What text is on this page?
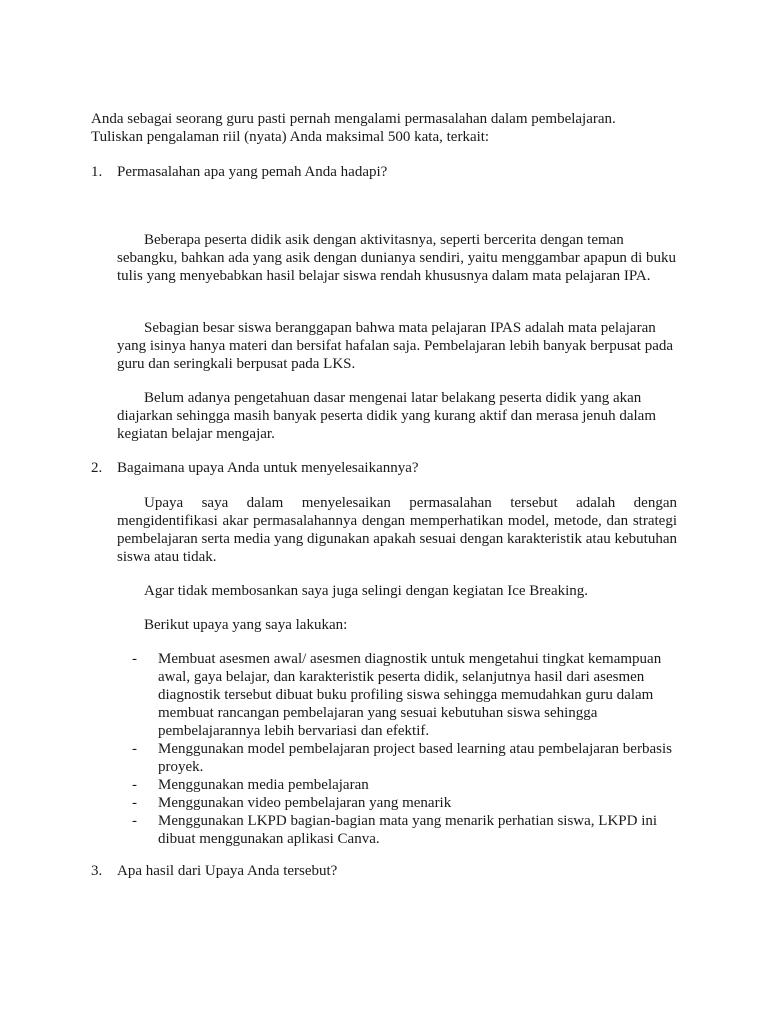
Anda sebagai seorang guru pasti pernah mengalami permasalahan dalam pembelajaran.
Tuliskan pengalaman riil (nyata) Anda maksimal 500 kata, terkait:

1. Permasalahan apa yang pemah Anda hadapi?

Beberapa peserta didik asik dengan aktivitasnya, seperti bercerita dengan teman sebangku, bahkan ada yang asik dengan dunianya sendiri, yaitu menggambar apapun di buku tulis yang menyebabkan hasil belajar siswa rendah khususnya dalam mata pelajaran IPA.

Sebagian besar siswa beranggapan bahwa mata pelajaran IPAS adalah mata pelajaran yang isinya hanya materi dan bersifat hafalan saja. Pembelajaran lebih banyak berpusat pada guru dan seringkali berpusat pada LKS.

Belum adanya pengetahuan dasar mengenai latar belakang peserta didik yang akan diajarkan sehingga masih banyak peserta didik yang kurang aktif dan merasa jenuh dalam kegiatan belajar mengajar.

2. Bagaimana upaya Anda untuk menyelesaikannya?

Upaya saya dalam menyelesaikan permasalahan tersebut adalah dengan mengidentifikasi akar permasalahannya dengan memperhatikan model, metode, dan strategi pembelajaran serta media yang digunakan apakah sesuai dengan karakteristik atau kebutuhan siswa atau tidak.

Agar tidak membosankan saya juga selingi dengan kegiatan Ice Breaking.

Berikut upaya yang saya lakukan:

- Membuat asesmen awal/ asesmen diagnostik untuk mengetahui tingkat kemampuan awal, gaya belajar, dan karakteristik peserta didik, selanjutnya hasil dari asesmen diagnostik tersebut dibuat buku profiling siswa sehingga memudahkan guru dalam membuat rancangan pembelajaran yang sesuai kebutuhan siswa sehingga pembelajarannya lebih bervariasi dan efektif.
- Menggunakan model pembelajaran project based learning atau pembelajaran berbasis proyek.
- Menggunakan media pembelajaran
- Menggunakan video pembelajaran yang menarik
- Menggunakan LKPD bagian-bagian mata yang menarik perhatian siswa, LKPD ini dibuat menggunakan aplikasi Canva.

3. Apa hasil dari Upaya Anda tersebut?
